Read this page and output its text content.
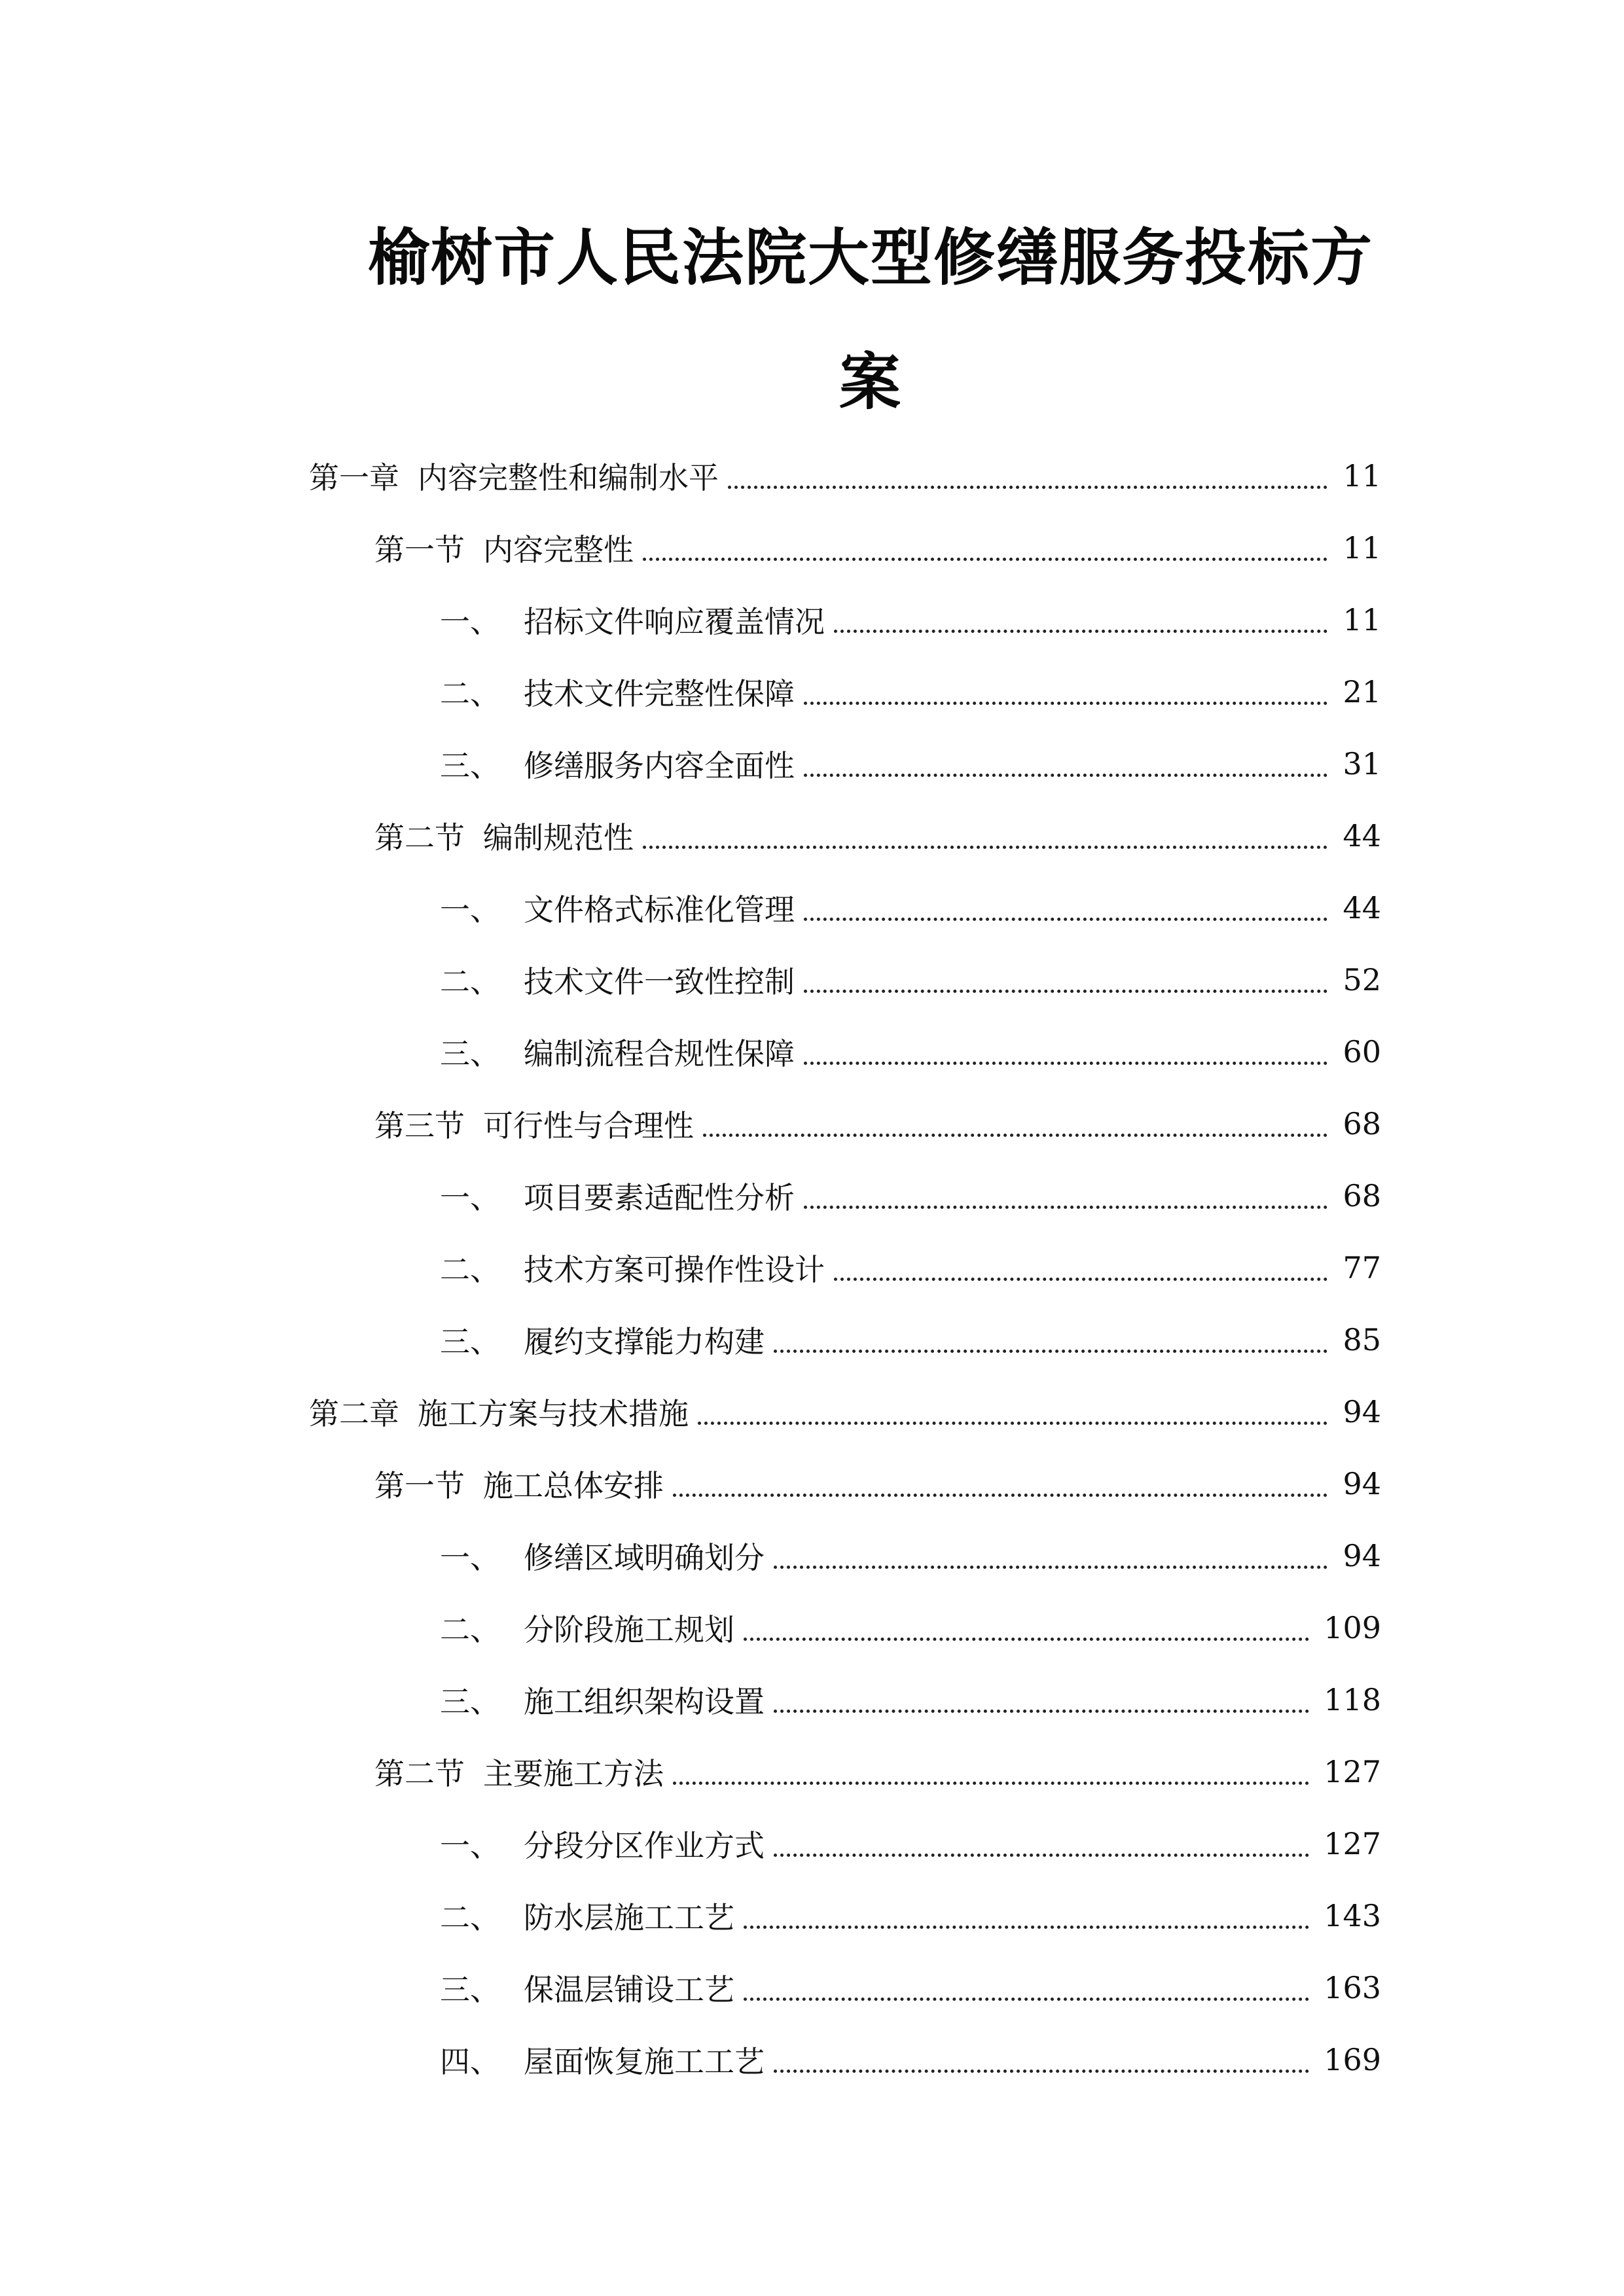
榆树市人民法院大型修缮服务投标方
案
第一章 内容完整性和编制水平	11
第一节 内容完整性	11
一、 招标文件响应覆盖情况	11
二、 技术文件完整性保障	21
三、 修缮服务内容全面性	31
第二节 编制规范性	44
一、 文件格式标准化管理	44
二、 技术文件一致性控制	52
三、 编制流程合规性保障	60
第三节 可行性与合理性	68
一、 项目要素适配性分析	68
二、 技术方案可操作性设计	77
三、 履约支撑能力构建	85
第二章 施工方案与技术措施	94
第一节 施工总体安排	94
一、 修缮区域明确划分	94
二、 分阶段施工规划	109
三、 施工组织架构设置	118
第二节 主要施工方法	127
一、 分段分区作业方式	127
二、 防水层施工工艺	143
三、 保温层铺设工艺	163
四、 屋面恢复施工工艺	169
